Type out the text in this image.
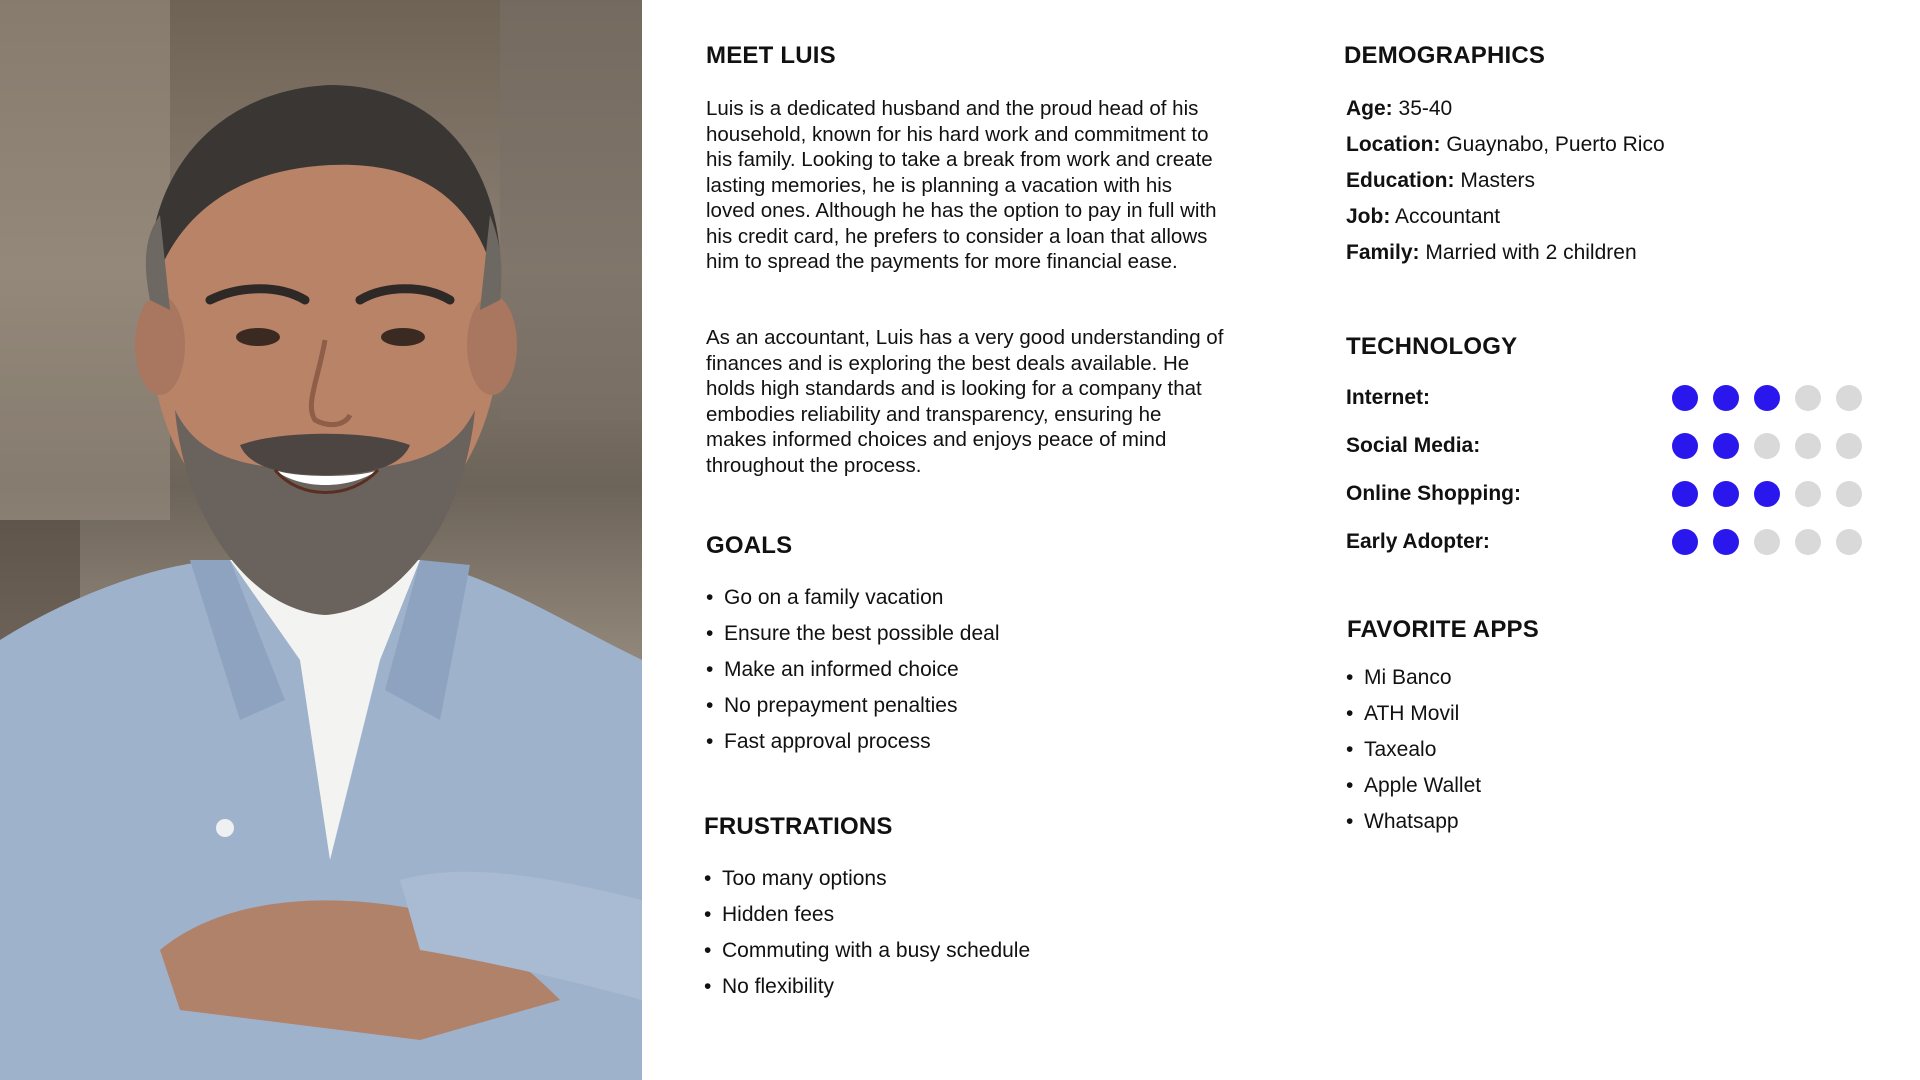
MEET LUIS

Luis is a dedicated husband and the proud head of his household, known for his hard work and commitment to his family. Looking to take a break from work and create lasting memories, he is planning a vacation with his loved ones. Although he has the option to pay in full with his credit card, he prefers to consider a loan that allows him to spread the payments for more financial ease.

As an accountant, Luis has a very good understanding of finances and is exploring the best deals available. He holds high standards and is looking for a company that embodies reliability and transparency, ensuring he makes informed choices and enjoys peace of mind throughout the process.

GOALS
• Go on a family vacation
• Ensure the best possible deal
• Make an informed choice
• No prepayment penalties
• Fast approval process
FRUSTRATIONS
• Too many options
• Hidden fees
• Commuting with a busy schedule
• No flexibility
DEMOGRAPHICS
Age: 35-40
Location: Guaynabo, Puerto Rico
Education: Masters
Job: Accountant
Family: Married with 2 children
TECHNOLOGY
Internet:
Social Media:
Online Shopping:
Early Adopter:
FAVORITE APPS
• Mi Banco
• ATH Movil
• Taxealo
• Apple Wallet
• Whatsapp
